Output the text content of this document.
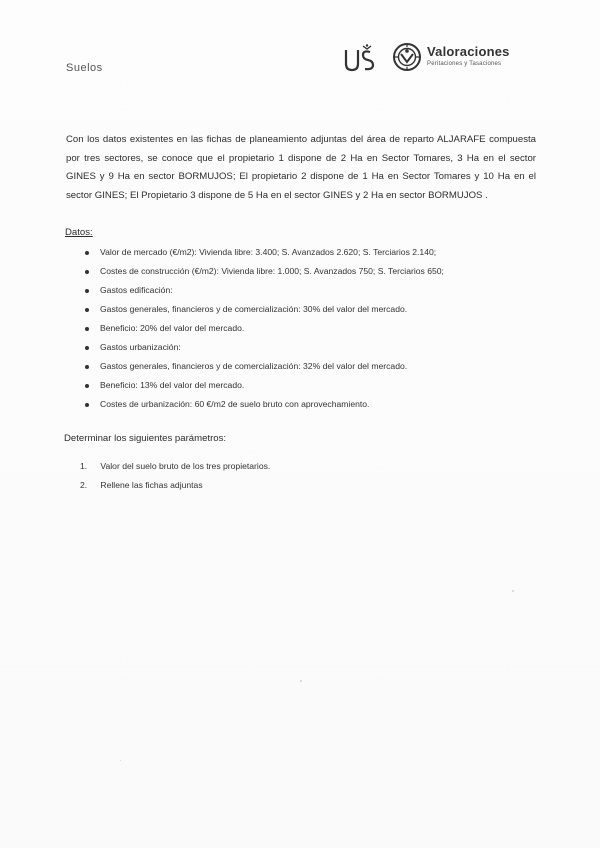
Suelos
Valoraciones
Peritaciones y Tasaciones

Con los datos existentes en las fichas de planeamiento adjuntas del área de reparto ALJARAFE compuesta por tres sectores, se conoce que el propietario 1 dispone de 2 Ha en Sector Tomares, 3 Ha en el sector GINES y 9 Ha en sector BORMUJOS; El propietario 2 dispone de 1 Ha en Sector Tomares y 10 Ha en el sector GINES; El Propietario 3 dispone de 5 Ha en el sector GINES y 2 Ha en sector BORMUJOS .

Datos:
Valor de mercado (€/m2): Vivienda libre: 3.400; S. Avanzados 2.620; S. Terciarios 2.140;
Costes de construcción (€/m2): Vivienda libre: 1.000; S. Avanzados 750; S. Terciarios 650;
Gastos edificación:
Gastos generales, financieros y de comercialización: 30% del valor del mercado.
Beneficio: 20% del valor del mercado.
Gastos urbanización:
Gastos generales, financieros y de comercialización: 32% del valor del mercado.
Beneficio: 13% del valor del mercado.
Costes de urbanización: 60 €/m2 de suelo bruto con aprovechamiento.
Determinar los siguientes parámetros:
1. Valor del suelo bruto de los tres propietarios.
2. Rellene las fichas adjuntas
